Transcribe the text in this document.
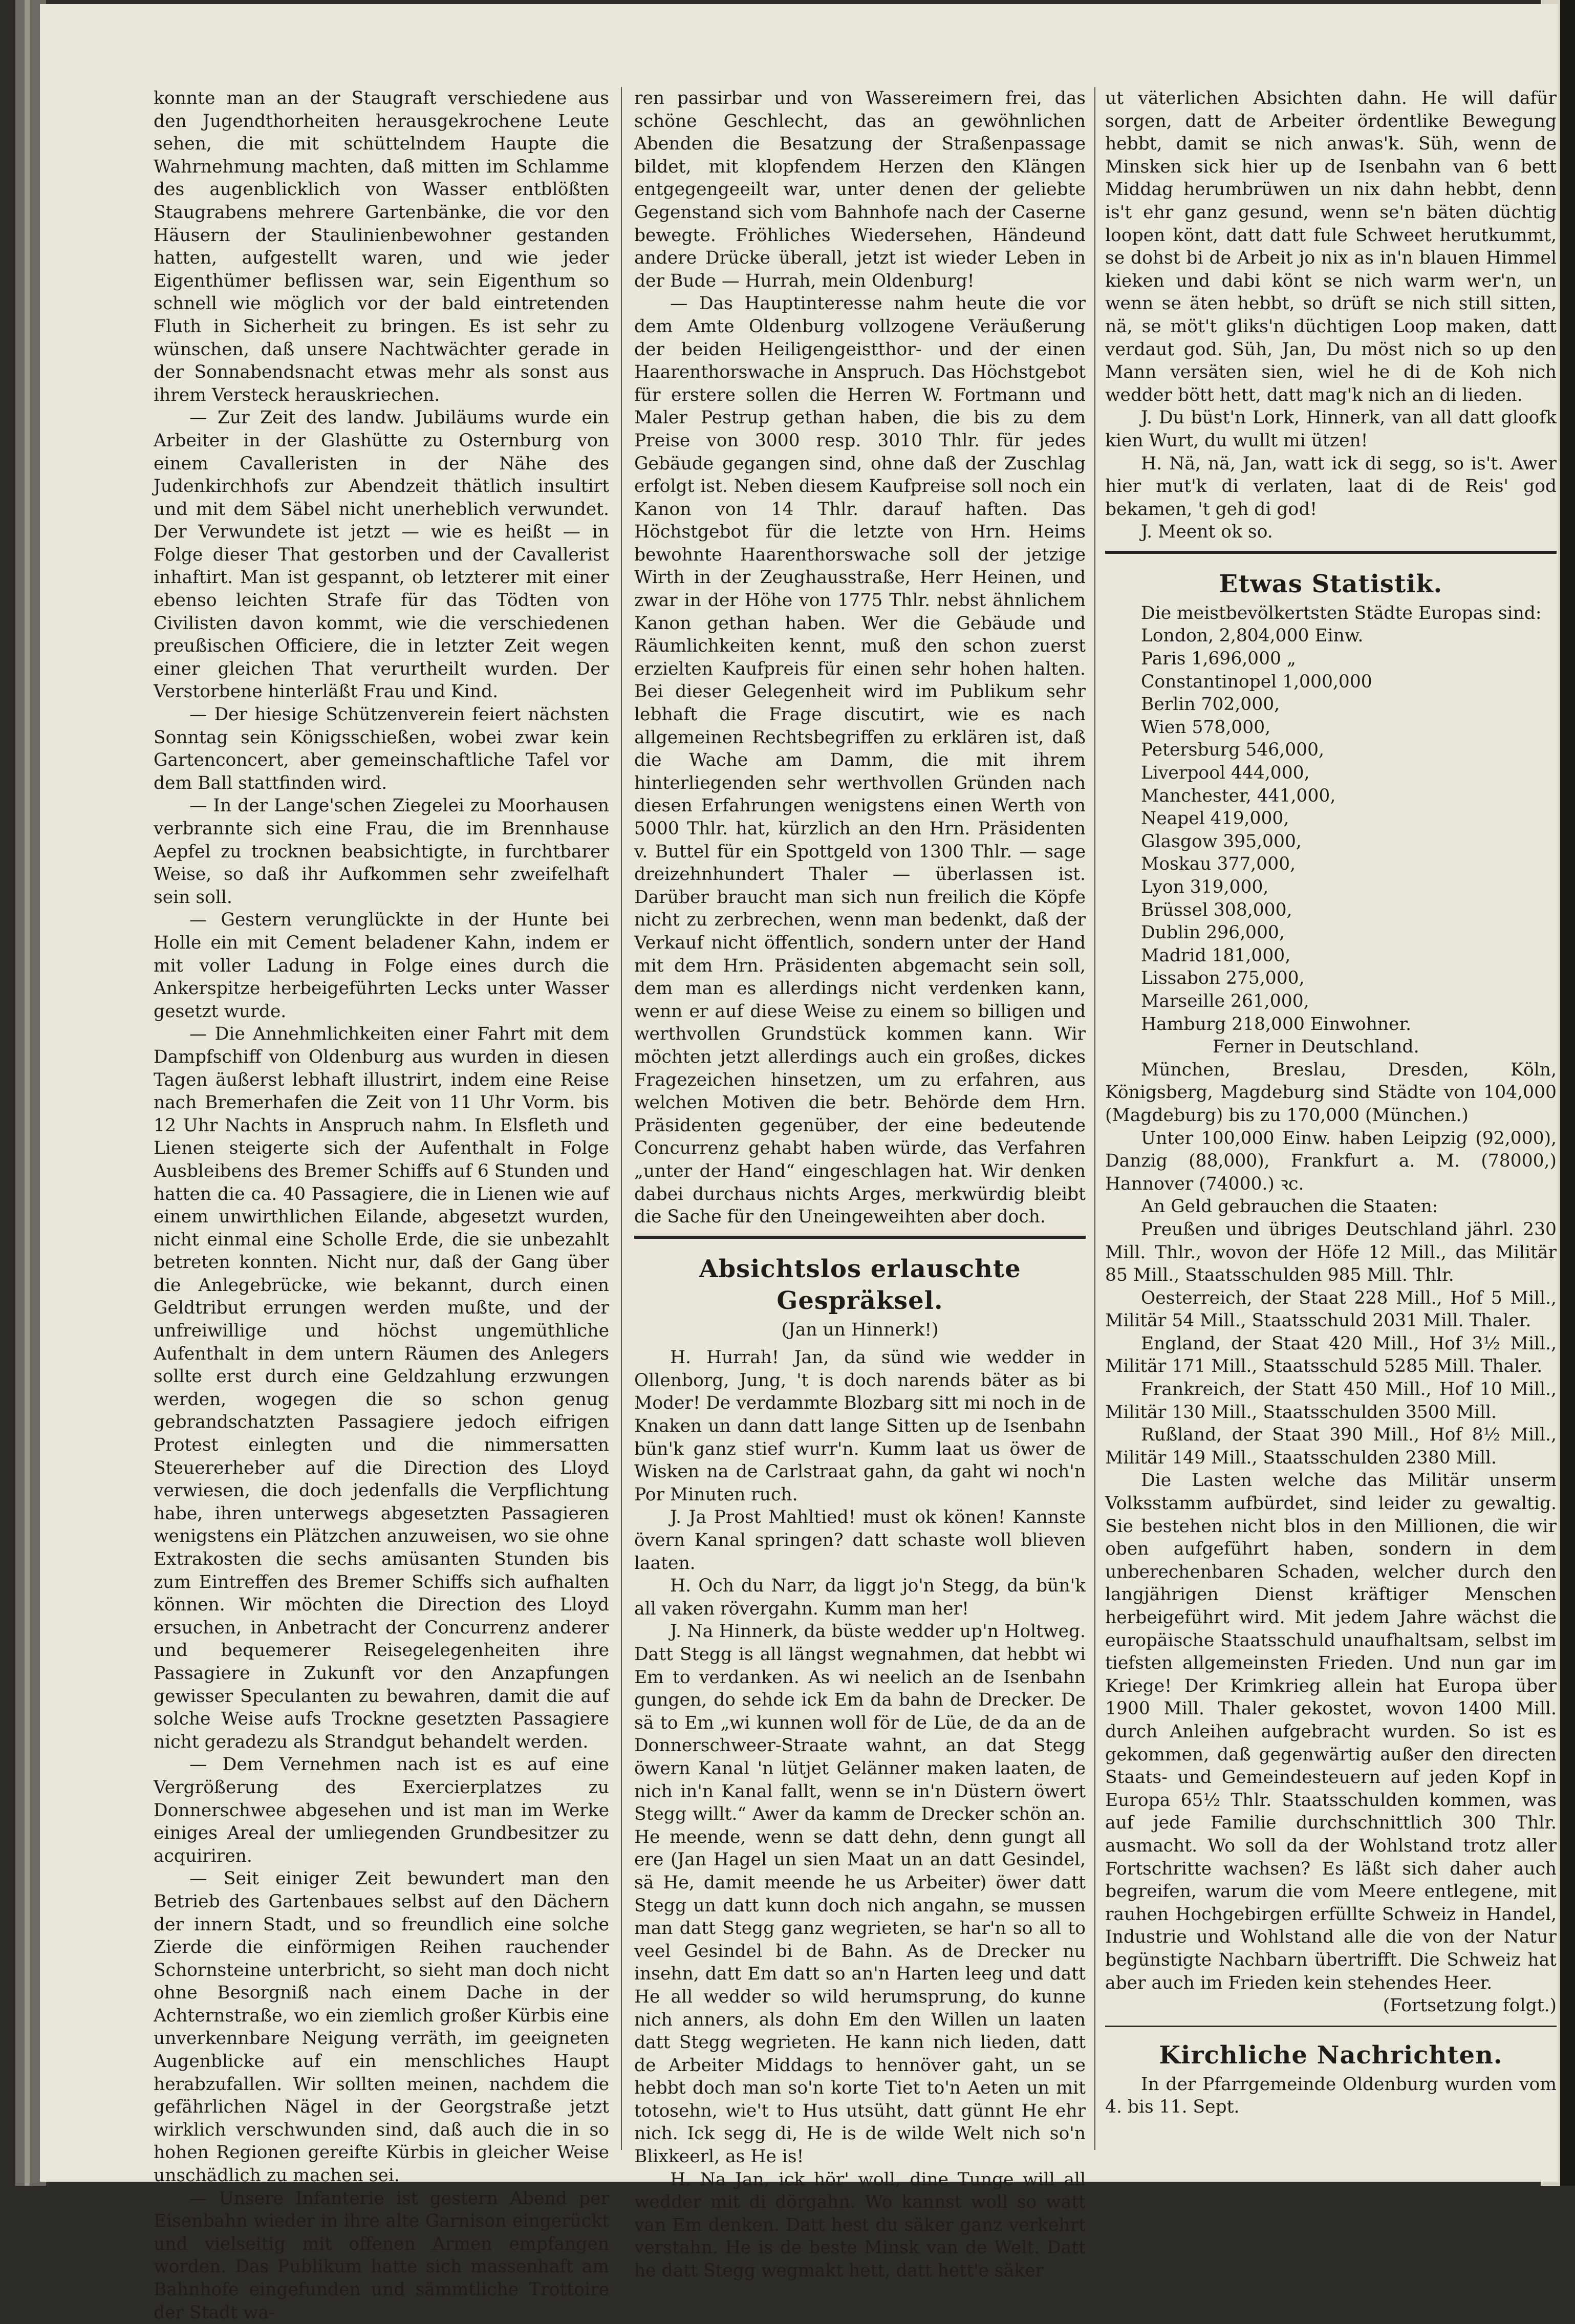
konnte man an der Staugraft verschiedene aus den Jugendthorheiten herausgekrochene Leute sehen, die mit schüttelndem Haupte die Wahrnehmung machten, daß mitten im Schlamme des augenblicklich von Wasser entblößten Staugrabens mehrere Gartenbänke, die vor den Häusern der Staulinienbewohner gestanden hatten, aufgestellt waren, und wie jeder Eigenthümer beflissen war, sein Eigenthum so schnell wie möglich vor der bald eintretenden Fluth in Sicherheit zu bringen. Es ist sehr zu wünschen, daß unsere Nachtwächter gerade in der Sonnabendsnacht etwas mehr als sonst aus ihrem Versteck herauskriechen.

— Zur Zeit des landw. Jubiläums wurde ein Arbeiter in der Glashütte zu Osternburg von einem Cavalleristen in der Nähe des Judenkirchhofs zur Abendzeit thätlich insultirt und mit dem Säbel nicht unerheblich verwundet. Der Verwundete ist jetzt — wie es heißt — in Folge dieser That gestorben und der Cavallerist inhaftirt. Man ist gespannt, ob letzterer mit einer ebenso leichten Strafe für das Tödten von Civilisten davon kommt, wie die verschiedenen preußischen Officiere, die in letzter Zeit wegen einer gleichen That verurtheilt wurden. Der Verstorbene hinterläßt Frau und Kind.

— Der hiesige Schützenverein feiert nächsten Sonntag sein Königsschießen, wobei zwar kein Gartenconcert, aber gemeinschaftliche Tafel vor dem Ball stattfinden wird.

— In der Lange'schen Ziegelei zu Moorhausen verbrannte sich eine Frau, die im Brennhause Aepfel zu trocknen beabsichtigte, in furchtbarer Weise, so daß ihr Aufkommen sehr zweifelhaft sein soll.

— Gestern verunglückte in der Hunte bei Holle ein mit Cement beladener Kahn, indem er mit voller Ladung in Folge eines durch die Ankerspitze herbeigeführten Lecks unter Wasser gesetzt wurde.

— Die Annehmlichkeiten einer Fahrt mit dem Dampfschiff von Oldenburg aus wurden in diesen Tagen äußerst lebhaft illustrirt, indem eine Reise nach Bremerhafen die Zeit von 11 Uhr Vorm. bis 12 Uhr Nachts in Anspruch nahm. In Elsfleth und Lienen steigerte sich der Aufenthalt in Folge Ausbleibens des Bremer Schiffs auf 6 Stunden und hatten die ca. 40 Passagiere, die in Lienen wie auf einem unwirthlichen Eilande, abgesetzt wurden, nicht einmal eine Scholle Erde, die sie unbezahlt betreten konnten. Nicht nur, daß der Gang über die Anlegebrücke, wie bekannt, durch einen Geldtribut errungen werden mußte, und der unfreiwillige und höchst ungemüthliche Aufenthalt in dem untern Räumen des Anlegers sollte erst durch eine Geldzahlung erzwungen werden, wogegen die so schon genug gebrandschatzten Passagiere jedoch eifrigen Protest einlegten und die nimmersatten Steuererheber auf die Direction des Lloyd verwiesen, die doch jedenfalls die Verpflichtung habe, ihren unterwegs abgesetzten Passagieren wenigstens ein Plätzchen anzuweisen, wo sie ohne Extrakosten die sechs amüsanten Stunden bis zum Eintreffen des Bremer Schiffs sich aufhalten können. Wir möchten die Direction des Lloyd ersuchen, in Anbetracht der Concurrenz anderer und bequemerer Reisegelegenheiten ihre Passagiere in Zukunft vor den Anzapfungen gewisser Speculanten zu bewahren, damit die auf solche Weise aufs Trockne gesetzten Passagiere nicht geradezu als Strandgut behandelt werden.

— Dem Vernehmen nach ist es auf eine Vergrößerung des Exercierplatzes zu Donnerschwee abgesehen und ist man im Werke einiges Areal der umliegenden Grundbesitzer zu acquiriren.

— Seit einiger Zeit bewundert man den Betrieb des Gartenbaues selbst auf den Dächern der innern Stadt, und so freundlich eine solche Zierde die einförmigen Reihen rauchender Schornsteine unterbricht, so sieht man doch nicht ohne Besorgniß nach einem Dache in der Achternstraße, wo ein ziemlich großer Kürbis eine unverkennbare Neigung verräth, im geeigneten Augenblicke auf ein menschliches Haupt herabzufallen. Wir sollten meinen, nachdem die gefährlichen Nägel in der Georgstraße jetzt wirklich verschwunden sind, daß auch die in so hohen Regionen gereifte Kürbis in gleicher Weise unschädlich zu machen sei.

— Unsere Infanterie ist gestern Abend per Eisenbahn wieder in ihre alte Garnison eingerückt und vielseitig mit offenen Armen empfangen worden. Das Publikum hatte sich massenhaft am Bahnhofe eingefunden und sämmtliche Trottoire der Stadt wa-

ren passirbar und von Wassereimern frei, das schöne Geschlecht, das an gewöhnlichen Abenden die Besatzung der Straßenpassage bildet, mit klopfendem Herzen den Klängen entgegengeeilt war, unter denen der geliebte Gegenstand sich vom Bahnhofe nach der Caserne bewegte. Fröhliches Wiedersehen, Händeund andere Drücke überall, jetzt ist wieder Leben in der Bude — Hurrah, mein Oldenburg!

— Das Hauptinteresse nahm heute die vor dem Amte Oldenburg vollzogene Veräußerung der beiden Heiligengeistthor- und der einen Haarenthorswache in Anspruch. Das Höchstgebot für erstere sollen die Herren W. Fortmann und Maler Pestrup gethan haben, die bis zu dem Preise von 3000 resp. 3010 Thlr. für jedes Gebäude gegangen sind, ohne daß der Zuschlag erfolgt ist. Neben diesem Kaufpreise soll noch ein Kanon von 14 Thlr. darauf haften. Das Höchstgebot für die letzte von Hrn. Heims bewohnte Haarenthorswache soll der jetzige Wirth in der Zeughausstraße, Herr Heinen, und zwar in der Höhe von 1775 Thlr. nebst ähnlichem Kanon gethan haben. Wer die Gebäude und Räumlichkeiten kennt, muß den schon zuerst erzielten Kaufpreis für einen sehr hohen halten. Bei dieser Gelegenheit wird im Publikum sehr lebhaft die Frage discutirt, wie es nach allgemeinen Rechtsbegriffen zu erklären ist, daß die Wache am Damm, die mit ihrem hinterliegenden sehr werthvollen Gründen nach diesen Erfahrungen wenigstens einen Werth von 5000 Thlr. hat, kürzlich an den Hrn. Präsidenten v. Buttel für ein Spottgeld von 1300 Thlr. — sage dreizehnhundert Thaler — überlassen ist. Darüber braucht man sich nun freilich die Köpfe nicht zu zerbrechen, wenn man bedenkt, daß der Verkauf nicht öffentlich, sondern unter der Hand mit dem Hrn. Präsidenten abgemacht sein soll, dem man es allerdings nicht verdenken kann, wenn er auf diese Weise zu einem so billigen und werthvollen Grundstück kommen kann. Wir möchten jetzt allerdings auch ein großes, dickes Fragezeichen hinsetzen, um zu erfahren, aus welchen Motiven die betr. Behörde dem Hrn. Präsidenten gegenüber, der eine bedeutende Concurrenz gehabt haben würde, das Verfahren „unter der Hand“ eingeschlagen hat. Wir denken dabei durchaus nichts Arges, merkwürdig bleibt die Sache für den Uneingeweihten aber doch.

Absichtslos erlauschte Gespräksel.
(Jan un Hinnerk!)

H. Hurrah! Jan, da sünd wie wedder in Ollenborg, Jung, 't is doch narends bäter as bi Moder! De verdammte Blozbarg sitt mi noch in de Knaken un dann datt lange Sitten up de Isenbahn bün'k ganz stief wurr'n. Kumm laat us öwer de Wisken na de Carlstraat gahn, da gaht wi noch'n Por Minuten ruch.

J. Ja Prost Mahltied! must ok könen! Kannste övern Kanal springen? datt schaste woll blieven laaten.

H. Och du Narr, da liggt jo'n Stegg, da bün'k all vaken rövergahn. Kumm man her!

J. Na Hinnerk, da büste wedder up'n Holtweg. Datt Stegg is all längst wegnahmen, dat hebbt wi Em to verdanken. As wi neelich an de Isenbahn gungen, do sehde ick Em da bahn de Drecker. De sä to Em „wi kunnen woll för de Lüe, de da an de Donnerschweer-Straate wahnt, an dat Stegg öwern Kanal 'n lütjet Gelänner maken laaten, de nich in'n Kanal fallt, wenn se in'n Düstern öwert Stegg willt.“ Awer da kamm de Drecker schön an. He meende, wenn se datt dehn, denn gungt all ere (Jan Hagel un sien Maat un an datt Gesindel, sä He, damit meende he us Arbeiter) öwer datt Stegg un datt kunn doch nich angahn, se mussen man datt Stegg ganz wegrieten, se har'n so all to veel Gesindel bi de Bahn. As de Drecker nu insehn, datt Em datt so an'n Harten leeg und datt He all wedder so wild herumsprung, do kunne nich anners, als dohn Em den Willen un laaten datt Stegg wegrieten. He kann nich lieden, datt de Arbeiter Middags to hennöver gaht, un se hebbt doch man so'n korte Tiet to'n Aeten un mit totosehn, wie't to Hus utsüht, datt günnt He ehr nich. Ick segg di, He is de wilde Welt nich so'n Blixkeerl, as He is!

H. Na Jan, ick hör' woll, dine Tunge will all wedder mit di dörgahn. Wo kannst woll so watt van Em denken. Datt hest du säker ganz verkehrt verstahn. He is de beste Minsk van de Welt. Datt he datt Stegg wegmakt hett, datt hett'e säker

ut väterlichen Absichten dahn. He will dafür sorgen, datt de Arbeiter ördentlike Bewegung hebbt, damit se nich anwas'k. Süh, wenn de Minsken sick hier up de Isenbahn van 6 bett Middag herumbrüwen un nix dahn hebbt, denn is't ehr ganz gesund, wenn se'n bäten düchtig loopen könt, datt datt fule Schweet herutkummt, se dohst bi de Arbeit jo nix as in'n blauen Himmel kieken und dabi könt se nich warm wer'n, un wenn se äten hebbt, so drüft se nich still sitten, nä, se möt't gliks'n düchtigen Loop maken, datt verdaut god. Süh, Jan, Du möst nich so up den Mann versäten sien, wiel he di de Koh nich wedder bött hett, datt mag'k nich an di lieden.

J. Du büst'n Lork, Hinnerk, van all datt gloofk kien Wurt, du wullt mi ützen!

H. Nä, nä, Jan, watt ick di segg, so is't. Awer hier mut'k di verlaten, laat di de Reis' god bekamen, 't geh di god!

J. Meent ok so.

Etwas Statistik.

Die meistbevölkertsten Städte Europas sind:

London, 2,804,000 Einw.
Paris 1,696,000 „
Constantinopel 1,000,000
Berlin 702,000,
Wien 578,000,
Petersburg 546,000,
Liverpool 444,000,
Manchester, 441,000,
Neapel 419,000,
Glasgow 395,000,
Moskau 377,000,
Lyon 319,000,
Brüssel 308,000,
Dublin 296,000,
Madrid 181,000,
Lissabon 275,000,
Marseille 261,000,
Hamburg 218,000 Einwohner.

Ferner in Deutschland.

München, Breslau, Dresden, Köln, Königsberg, Magdeburg sind Städte von 104,000 (Magdeburg) bis zu 170,000 (München.)

Unter 100,000 Einw. haben Leipzig (92,000), Danzig (88,000), Frankfurt a. M. (78000,) Hannover (74000.) ꝛc.

An Geld gebrauchen die Staaten:

Preußen und übriges Deutschland jährl. 230 Mill. Thlr., wovon der Höfe 12 Mill., das Militär 85 Mill., Staatsschulden 985 Mill. Thlr.

Oesterreich, der Staat 228 Mill., Hof 5 Mill., Militär 54 Mill., Staatsschuld 2031 Mill. Thaler.

England, der Staat 420 Mill., Hof 3½ Mill., Militär 171 Mill., Staatsschuld 5285 Mill. Thaler.

Frankreich, der Statt 450 Mill., Hof 10 Mill., Militär 130 Mill., Staatsschulden 3500 Mill.

Rußland, der Staat 390 Mill., Hof 8½ Mill., Militär 149 Mill., Staatsschulden 2380 Mill.

Die Lasten welche das Militär unserm Volksstamm aufbürdet, sind leider zu gewaltig. Sie bestehen nicht blos in den Millionen, die wir oben aufgeführt haben, sondern in dem unberechenbaren Schaden, welcher durch den langjährigen Dienst kräftiger Menschen herbeigeführt wird. Mit jedem Jahre wächst die europäische Staatsschuld unaufhaltsam, selbst im tiefsten allgemeinsten Frieden. Und nun gar im Kriege! Der Krimkrieg allein hat Europa über 1900 Mill. Thaler gekostet, wovon 1400 Mill. durch Anleihen aufgebracht wurden. So ist es gekommen, daß gegenwärtig außer den directen Staats- und Gemeindesteuern auf jeden Kopf in Europa 65½ Thlr. Staatsschulden kommen, was auf jede Familie durchschnittlich 300 Thlr. ausmacht. Wo soll da der Wohlstand trotz aller Fortschritte wachsen? Es läßt sich daher auch begreifen, warum die vom Meere entlegene, mit rauhen Hochgebirgen erfüllte Schweiz in Handel, Industrie und Wohlstand alle die von der Natur begünstigte Nachbarn übertrifft. Die Schweiz hat aber auch im Frieden kein stehendes Heer.

(Fortsetzung folgt.)
Kirchliche Nachrichten.

In der Pfarrgemeinde Oldenburg wurden vom 4. bis 11. Sept.
